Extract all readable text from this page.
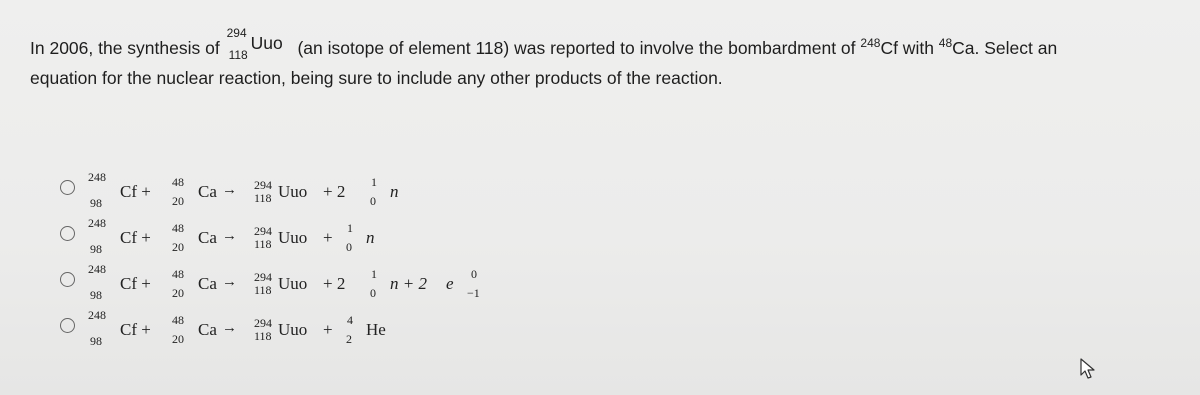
In 2006, the synthesis of
294
118
Uuo (an isotope of element 118) was reported to involve the bombardment of $^{248}$Cf with $^{48}$Ca. Select an
equation for the nuclear reaction, being sure to include any other products of the reaction.
248
98
Cf + 48
20 Ca → 294
118 Uuo + 2 1
0 n
248
98
Cf + 48
20 Ca → 294
118 Uuo + 1
0 n
248
98
Cf + 48
20 Ca → 294
118 Uuo + 2 1
0 n + 2 e 0
−1
248
98
Cf + 48
20 Ca → 294
118 Uuo + 4
2 He
